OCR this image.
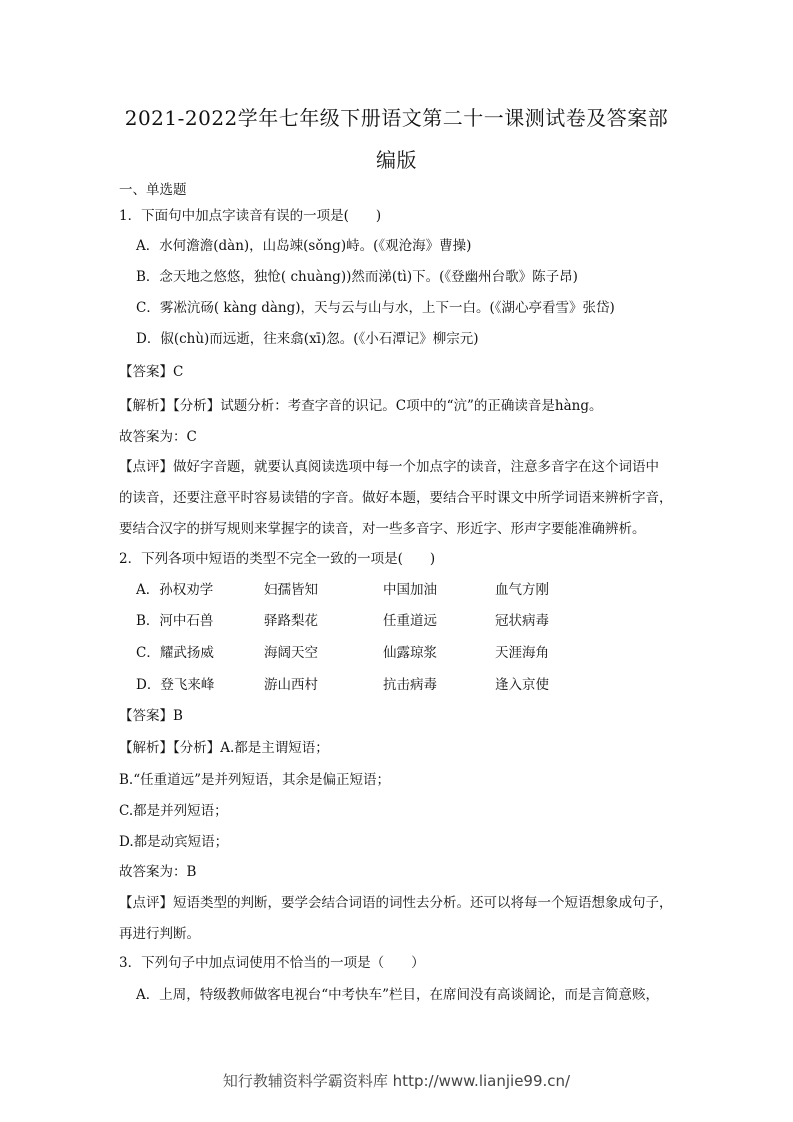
2021-2022学年七年级下册语文第二十一课测试卷及答案部
编版
一、单选题
1．下面句中加点字读音有误的一项是(　　)
A．水何澹澹(dàn)，山岛竦(sǒng)峙。(《观沧海》曹操)
B．念天地之悠悠，独怆( chuàng))然而涕(tì)下。(《登幽州台歌》陈子昂)
C．雾凇沆砀( kàng dàng)，天与云与山与水，上下一白。(《湖心亭看雪》张岱)
D．俶(chù)而远逝，往来翕(xī)忽。(《小石潭记》柳宗元)
【答案】C
【解析】【分析】试题分析：考查字音的识记。C项中的“沆”的正确读音是hàng。
故答案为：C
【点评】做好字音题，就要认真阅读选项中每一个加点字的读音，注意多音字在这个词语中
的读音，还要注意平时容易读错的字音。做好本题，要结合平时课文中所学词语来辨析字音，
要结合汉字的拼写规则来掌握字的读音，对一些多音字、形近字、形声字要能准确辨析。
2．下列各项中短语的类型不完全一致的一项是(　　)
A．孙权劝学	妇孺皆知	中国加油	血气方刚
B．河中石兽	驿路梨花	任重道远	冠状病毒
C．耀武扬威	海阔天空	仙露琼浆	天涯海角
D．登飞来峰	游山西村	抗击病毒	逢入京使
【答案】B
【解析】【分析】A.都是主谓短语；
B.“任重道远”是并列短语，其余是偏正短语；
C.都是并列短语；
D.都是动宾短语；
故答案为：B
【点评】短语类型的判断，要学会结合词语的词性去分析。还可以将每一个短语想象成句子，
再进行判断。
3．下列句子中加点词使用不恰当的一项是（　　）
A．上周，特级教师做客电视台“中考快车”栏目，在席间没有高谈阔论，而是言简意赅，
知行教辅资料学霸资料库 http://www.lianjie99.cn/
